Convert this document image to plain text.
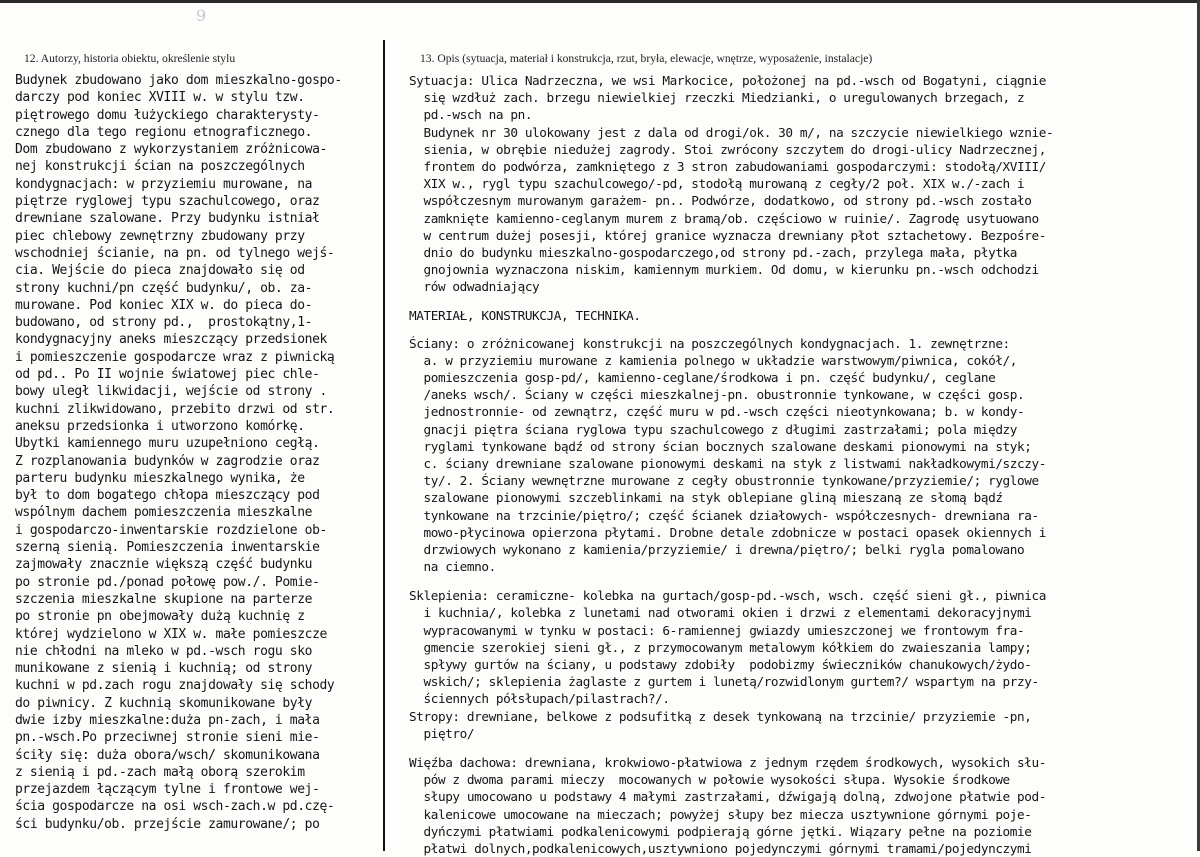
9
12. Autorzy, historia obiektu, określenie stylu	13. Opis (sytuacja, materiał i konstrukcja, rzut, bryła, elewacje, wnętrze, wyposażenie, instalacje)
Budynek zbudowano jako dom mieszkalno-gospo-
darczy pod koniec XVIII w. w stylu tzw.
piętrowego domu łużyckiego charakterysty-
cznego dla tego regionu etnograficznego.
Dom zbudowano z wykorzystaniem zróżnicowa-
nej konstrukcji ścian na poszczególnych
kondygnacjach: w przyziemiu murowane, na
piętrze ryglowej typu szachulcowego, oraz
drewniane szalowane. Przy budynku istniał
piec chlebowy zewnętrzny zbudowany przy
wschodniej ścianie, na pn. od tylnego wejś-
cia. Wejście do pieca znajdowało się od
strony kuchni/pn część budynku/, ob. za-
murowane. Pod koniec XIX w. do pieca do-
budowano, od strony pd.,  prostokątny,1-
kondygnacyjny aneks mieszczący przedsionek
i pomieszczenie gospodarcze wraz z piwnicką
od pd.. Po II wojnie światowej piec chle-
bowy uległ likwidacji, wejście od strony .
kuchni zlikwidowano, przebito drzwi od str.
aneksu przedsionka i utworzono komórkę.
Ubytki kamiennego muru uzupełniono cegłą.
Z rozplanowania budynków w zagrodzie oraz
parteru budynku mieszkalnego wynika, że
był to dom bogatego chłopa mieszczący pod
wspólnym dachem pomieszczenia mieszkalne
i gospodarczo-inwentarskie rozdzielone ob-
szerną sienią. Pomieszczenia inwentarskie
zajmowały znacznie większą część budynku
po stronie pd./ponad połowę pow./. Pomie-
szczenia mieszkalne skupione na parterze
po stronie pn obejmowały dużą kuchnię z
której wydzielono w XIX w. małe pomieszcze
nie chłodni na mleko w pd.-wsch rogu sko
munikowane z sienią i kuchnią; od strony
kuchni w pd.zach rogu znajdowały się schody
do piwnicy. Z kuchnią skomunikowane były
dwie izby mieszkalne:duża pn-zach, i mała
pn.-wsch.Po przeciwnej stronie sieni mie-
ściły się: duża obora/wsch/ skomunikowana
z sienią i pd.-zach małą oborą szerokim
przejazdem łączącym tylne i frontowe wej-
ścia gospodarcze na osi wsch-zach.w pd.czę-
ści budynku/ob. przejście zamurowane/; po
Sytuacja: Ulica Nadrzeczna, we wsi Markocice, położonej na pd.-wsch od Bogatyni, ciągnie
się wzdłuż zach. brzegu niewielkiej rzeczki Miedzianki, o uregulowanych brzegach, z
pd.-wsch na pn.
Budynek nr 30 ulokowany jest z dala od drogi/ok. 30 m/, na szczycie niewielkiego wznie-
sienia, w obrębie niedużej zagrody. Stoi zwrócony szczytem do drogi-ulicy Nadrzecznej,
frontem do podwórza, zamkniętego z 3 stron zabudowaniami gospodarczymi: stodołą/XVIII/
XIX w., rygl typu szachulcowego/-pd, stodołą murowaną z cegły/2 poł. XIX w./-zach i
współczesnym murowanym garażem- pn.. Podwórze, dodatkowo, od strony pd.-wsch zostało
zamknięte kamienno-ceglanym murem z bramą/ob. częściowo w ruinie/. Zagrodę usytuowano
w centrum dużej posesji, której granice wyznacza drewniany płot sztachetowy. Bezpośre-
dnio do budynku mieszkalno-gospodarczego,od strony pd.-zach, przylega mała, płytka
gnojownia wyznaczona niskim, kamiennym murkiem. Od domu, w kierunku pn.-wsch odchodzi
rów odwadniający
MATERIAŁ, KONSTRUKCJA, TECHNIKA.
Ściany: o zróżnicowanej konstrukcji na poszczególnych kondygnacjach. 1. zewnętrzne:
a. w przyziemiu murowane z kamienia polnego w układzie warstwowym/piwnica, cokół/,
pomieszczenia gosp-pd/, kamienno-ceglane/środkowa i pn. część budynku/, ceglane
/aneks wsch/. Ściany w części mieszkalnej-pn. obustronnie tynkowane, w części gosp.
jednostronnie- od zewnątrz, część muru w pd.-wsch części nieotynkowana; b. w kondy-
gnacji piętra ściana ryglowa typu szachulcowego z długimi zastrzałami; pola między
ryglami tynkowane bądź od strony ścian bocznych szalowane deskami pionowymi na styk;
c. ściany drewniane szalowane pionowymi deskami na styk z listwami nakładkowymi/szczy-
ty/. 2. Ściany wewnętrzne murowane z cegły obustronnie tynkowane/przyziemie/; ryglowe
szalowane pionowymi szczeblinkami na styk oblepiane gliną mieszaną ze słomą bądź
tynkowane na trzcinie/piętro/; część ścianek działowych- współczesnych- drewniana ra-
mowo-płycinowa opierzona płytami. Drobne detale zdobnicze w postaci opasek okiennych i
drzwiowych wykonano z kamienia/przyziemie/ i drewna/piętro/; belki rygla pomalowano
na ciemno.
Sklepienia: ceramiczne- kolebka na gurtach/gosp-pd.-wsch, wsch. część sieni gł., piwnica
i kuchnia/, kolebka z lunetami nad otworami okien i drzwi z elementami dekoracyjnymi
wypracowanymi w tynku w postaci: 6-ramiennej gwiazdy umieszczonej we frontowym fra-
gmencie szerokiej sieni gł., z przymocowanym metalowym kółkiem do zwaieszania lampy;
spływy gurtów na ściany, u podstawy zdobiły  podobizmy świeczników chanukowych/żydo-
wskich/; sklepienia żaglaste z gurtem i lunetą/rozwidlonym gurtem?/ wspartym na przy-
ściennych półsłupach/pilastrach?/.
Stropy: drewniane, belkowe z podsufitką z desek tynkowaną na trzcinie/ przyziemie -pn,
piętro/
Więźba dachowa: drewniana, krokwiowo-płatwiowa z jednym rzędem środkowych, wysokich słu-
pów z dwoma parami mieczy  mocowanych w połowie wysokości słupa. Wysokie środkowe
słupy umocowano u podstawy 4 małymi zastrzałami, dźwigają dolną, zdwojone płatwie pod-
kalenicowe umocowane na mieczach; powyżej słupy bez miecza usztywnione górnymi poje-
dyńczymi płatwiami podkalenicowymi podpierają górne jętki. Wiązary pełne na poziomie
płatwi dolnych,podkalenicowych,usztywniono pojedynczymi górnymi tramami/pojedynczymi
